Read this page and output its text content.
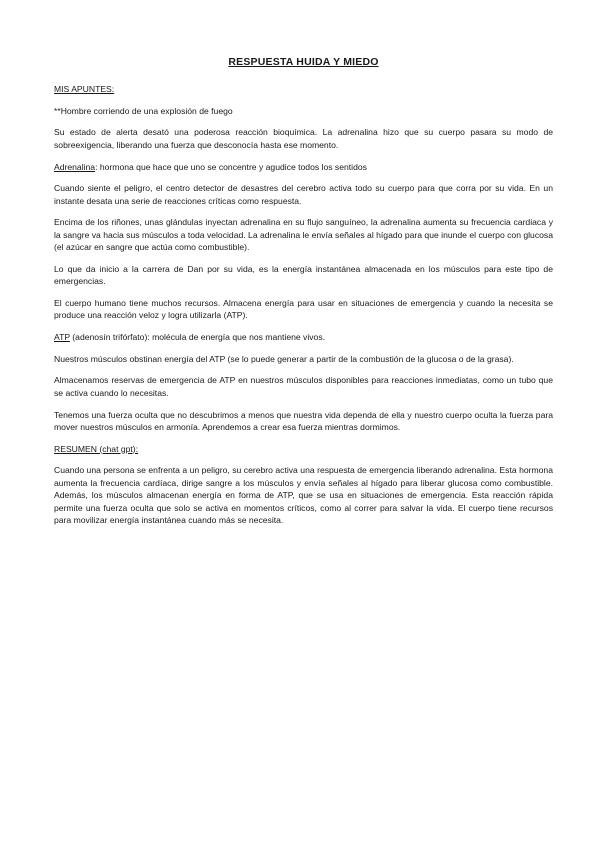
RESPUESTA HUIDA Y MIEDO
MIS APUNTES:
**Hombre corriendo de una explosión de fuego
Su estado de alerta desató una poderosa reacción bioquímica. La adrenalina hizo que su cuerpo pasara su modo de sobreexigencia, liberando una fuerza que desconocía hasta ese momento.
Adrenalina: hormona que hace que uno se concentre y agudice todos los sentidos
Cuando siente el peligro, el centro detector de desastres del cerebro activa todo su cuerpo para que corra por su vida. En un instante desata una serie de reacciones críticas como respuesta.
Encima de los riñones, unas glándulas inyectan adrenalina en su flujo sanguíneo, la adrenalina aumenta su frecuencia cardiaca y la sangre va hacia sus músculos a toda velocidad. La adrenalina le envía señales al hígado para que inunde el cuerpo con glucosa (el azúcar en sangre que actúa como combustible).
Lo que da inicio a la carrera de Dan por su vida, es la energía instantánea almacenada en los músculos para este tipo de emergencias.
El cuerpo humano tiene muchos recursos. Almacena energía para usar en situaciones de emergencia y cuando la necesita se produce una reacción veloz y logra utilizarla (ATP).
ATP (adenosín trifórfato): molécula de energía que nos mantiene vivos.
Nuestros músculos obstinan energía del ATP (se lo puede generar a partir de la combustión de la glucosa o de la grasa).
Almacenamos reservas de emergencia de ATP en nuestros músculos disponibles para reacciones inmediatas, como un tubo que se activa cuando lo necesitas.
Tenemos una fuerza oculta que no descubrimos a menos que nuestra vida dependa de ella y nuestro cuerpo oculta la fuerza para mover nuestros músculos en armonía. Aprendemos a crear esa fuerza mientras dormimos.
RESUMEN (chat gpt):
Cuando una persona se enfrenta a un peligro, su cerebro activa una respuesta de emergencia liberando adrenalina. Esta hormona aumenta la frecuencia cardíaca, dirige sangre a los músculos y envía señales al hígado para liberar glucosa como combustible. Además, los músculos almacenan energía en forma de ATP, que se usa en situaciones de emergencia. Esta reacción rápida permite una fuerza oculta que solo se activa en momentos críticos, como al correr para salvar la vida. El cuerpo tiene recursos para movilizar energía instantánea cuando más se necesita.
